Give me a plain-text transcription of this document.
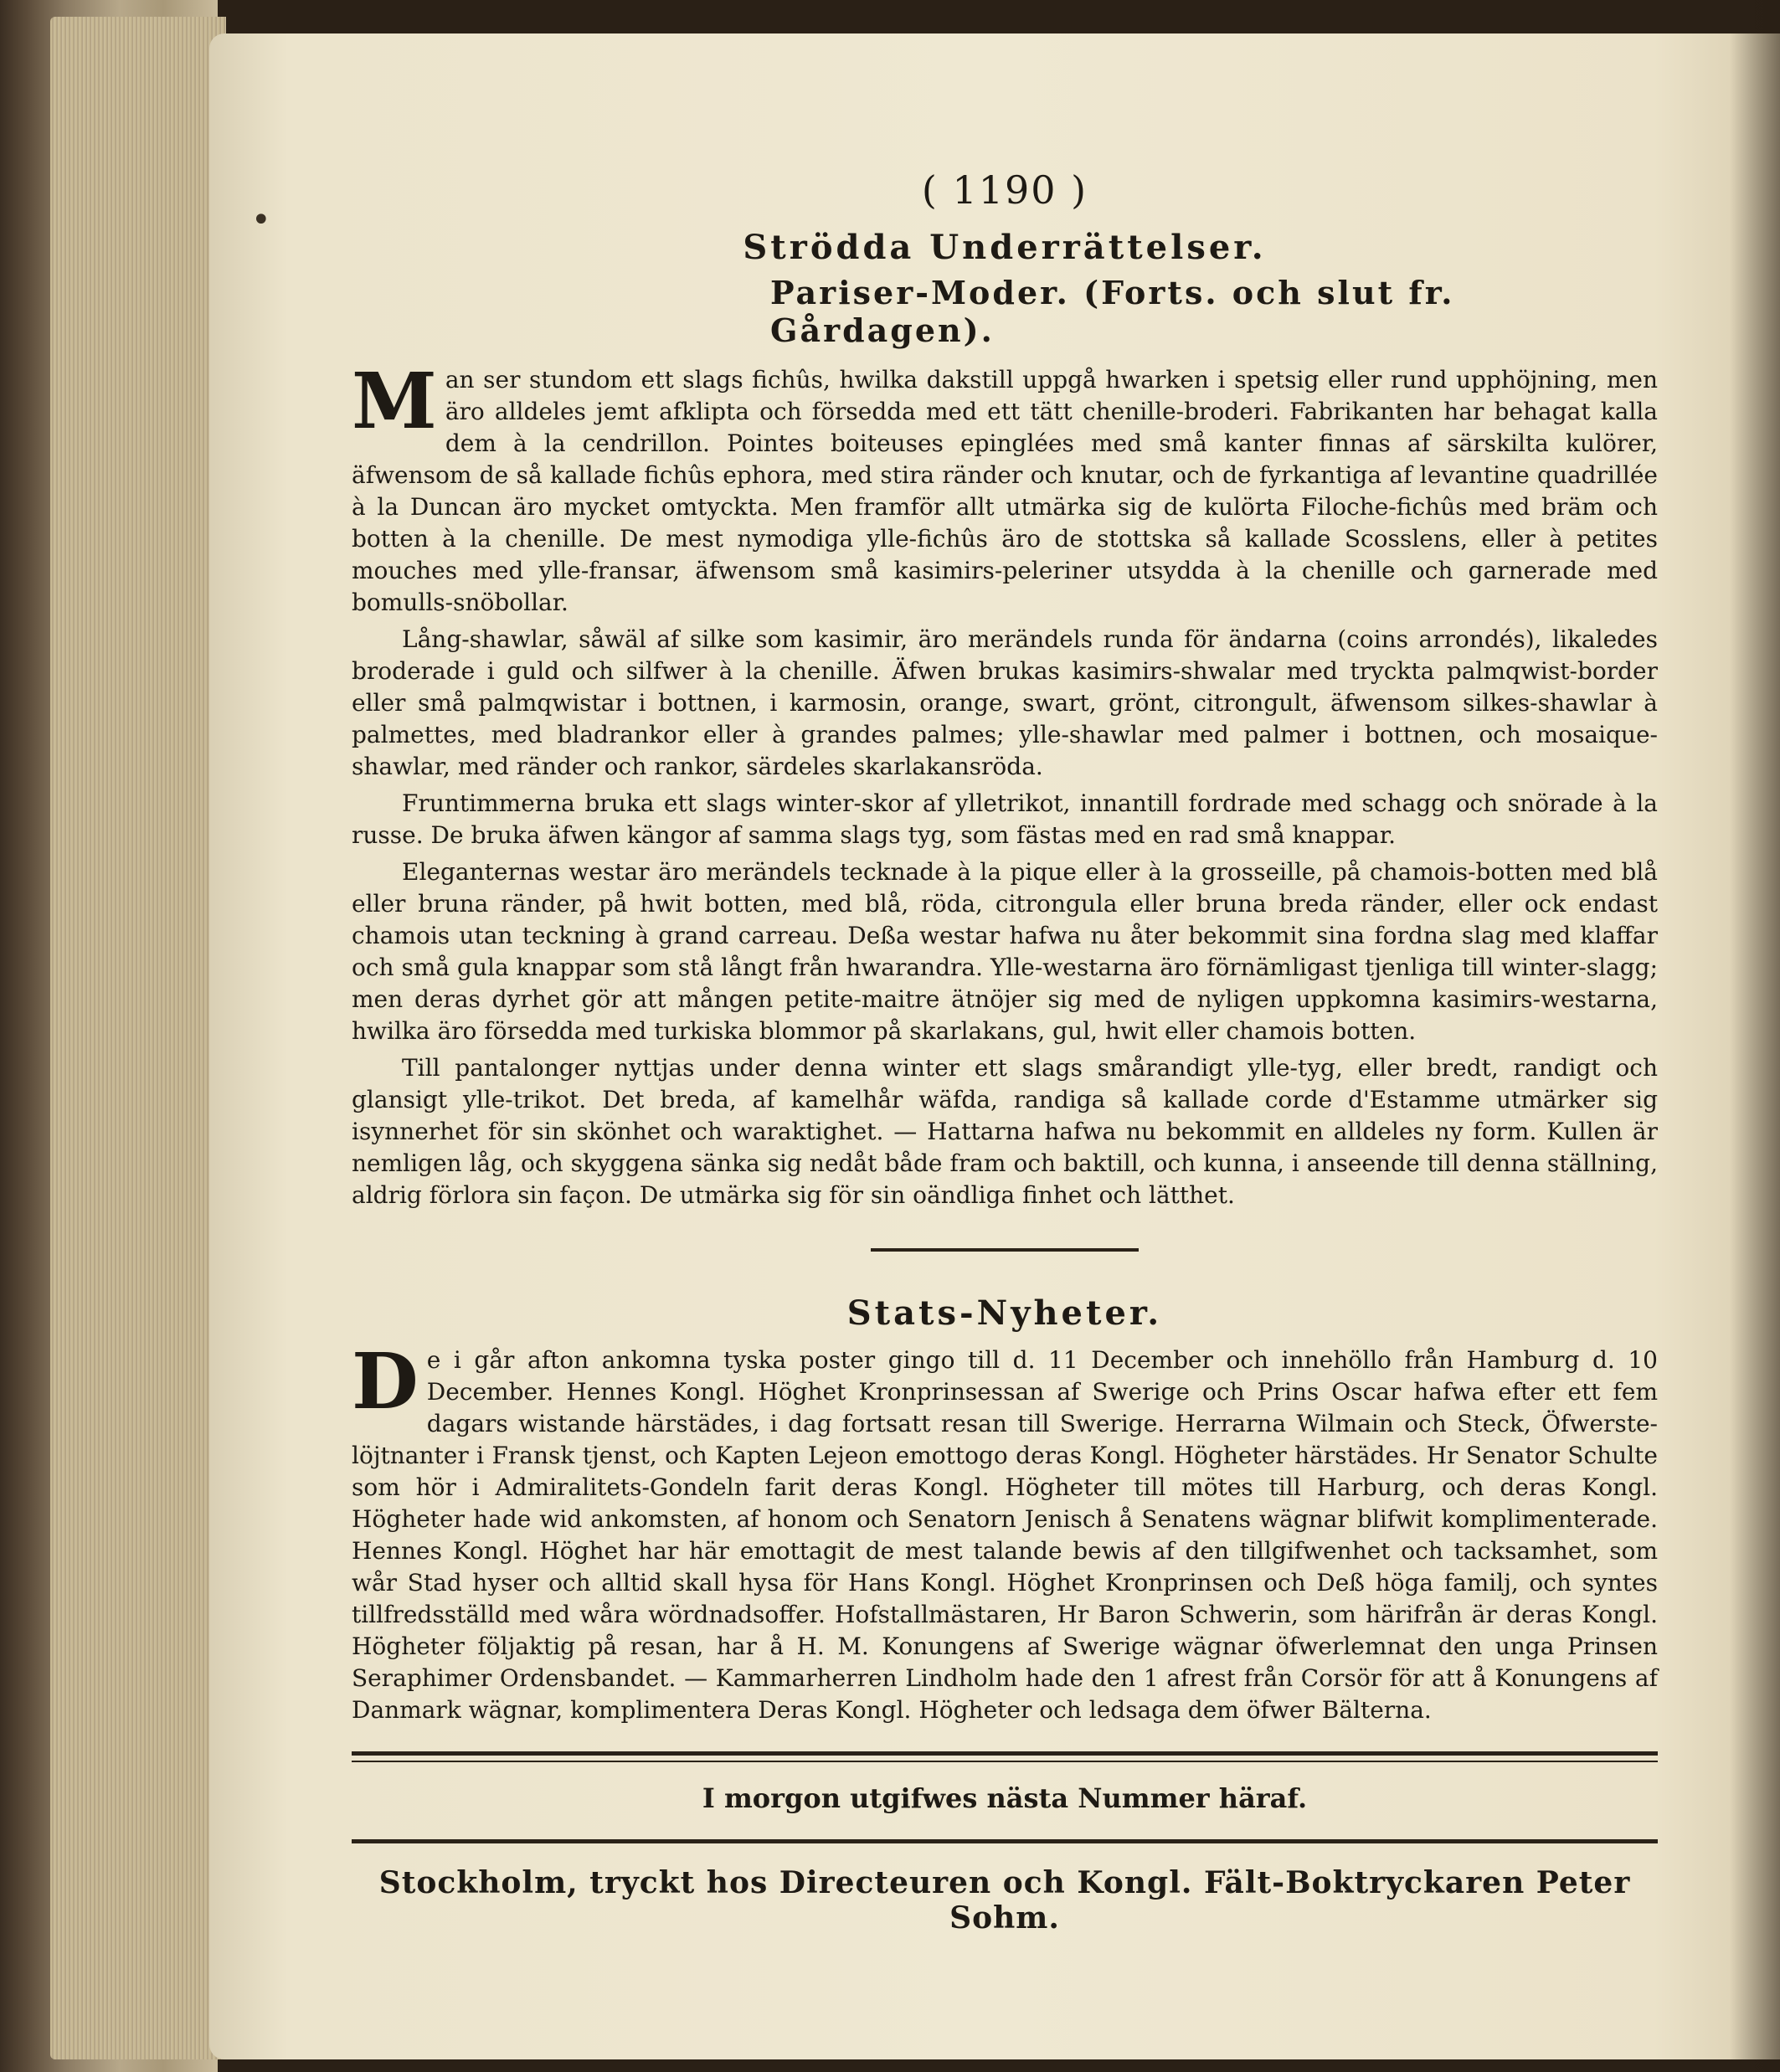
•
( 1190 )
Strödda Underrättelser.
Pariser-Moder. (Forts. och slut fr. Gårdagen).

M an ser stundom ett slags fichûs, hwilka dakstill uppgå hwarken i spetsig eller rund upphöjning, men äro alldeles jemt afklipta och försedda med ett tätt chenille-broderi. Fabrikanten har behagat kalla dem à la cendrillon. Pointes boiteuses epinglées med små kanter finnas af särskilta kulörer, äfwensom de så kallade fichûs ephora, med stira ränder och knutar, och de fyrkantiga af levantine quadrillée à la Duncan äro mycket omtyckta. Men framför allt utmärka sig de kulörta Filoche-fichûs med bräm och botten à la chenille. De mest nymodiga ylle-fichûs äro de stottska så kallade Scosslens, eller à petites mouches med ylle-fransar, äfwensom små kasimirs-peleriner utsydda à la chenille och garnerade med bomulls-snöbollar.

Lång-shawlar, såwäl af silke som kasimir, äro merändels runda för ändarna (coins arrondés), likaledes broderade i guld och silfwer à la chenille. Äfwen brukas kasimirs-shwalar med tryckta palmqwist-border eller små palmqwistar i bottnen, i karmosin, orange, swart, grönt, citrongult, äfwensom silkes-shawlar à palmettes, med bladrankor eller à grandes palmes; ylle-shawlar med palmer i bottnen, och mosaique-shawlar, med ränder och rankor, särdeles skarlakansröda.

Fruntimmerna bruka ett slags winter-skor af ylletrikot, innantill fordrade med schagg och snörade à la russe. De bruka äfwen kängor af samma slags tyg, som fästas med en rad små knappar.

Eleganternas westar äro merändels tecknade à la pique eller à la grosseille, på chamois-botten med blå eller bruna ränder, på hwit botten, med blå, röda, citrongula eller bruna breda ränder, eller ock endast chamois utan teckning à grand carreau. Deßa westar hafwa nu åter bekommit sina fordna slag med klaffar och små gula knappar som stå långt från hwarandra. Ylle-westarna äro förnämligast tjenliga till winter-slagg; men deras dyrhet gör att mången petite-maitre ätnöjer sig med de nyligen uppkomna kasimirs-westarna, hwilka äro försedda med turkiska blommor på skarlakans, gul, hwit eller chamois botten.

Till pantalonger nyttjas under denna winter ett slags smårandigt ylle-tyg, eller bredt, randigt och glansigt ylle-trikot. Det breda, af kamelhår wäfda, randiga så kallade corde d'Estamme utmärker sig isynnerhet för sin skönhet och waraktighet. — Hattarna hafwa nu bekommit en alldeles ny form. Kullen är nemligen låg, och skyggena sänka sig nedåt både fram och baktill, och kunna, i anseende till denna ställning, aldrig förlora sin façon. De utmärka sig för sin oändliga finhet och lätthet.

Stats-Nyheter.

D e i går afton ankomna tyska poster gingo till d. 11 December och innehöllo från Hamburg d. 10 December. Hennes Kongl. Höghet Kronprinsessan af Swerige och Prins Oscar hafwa efter ett fem dagars wistande härstädes, i dag fortsatt resan till Swerige. Herrarna Wilmain och Steck, Öfwerste-löjtnanter i Fransk tjenst, och Kapten Lejeon emottogo deras Kongl. Högheter härstädes. Hr Senator Schulte som hör i Admiralitets-Gondeln farit deras Kongl. Högheter till mötes till Harburg, och deras Kongl. Högheter hade wid ankomsten, af honom och Senatorn Jenisch å Senatens wägnar blifwit komplimenterade. Hennes Kongl. Höghet har här emottagit de mest talande bewis af den tillgifwenhet och tacksamhet, som wår Stad hyser och alltid skall hysa för Hans Kongl. Höghet Kronprinsen och Deß höga familj, och syntes tillfredsställd med wåra wördnadsoffer. Hofstallmästaren, Hr Baron Schwerin, som härifrån är deras Kongl. Högheter följaktig på resan, har å H. M. Konungens af Swerige wägnar öfwerlemnat den unga Prinsen Seraphimer Ordensbandet. — Kammarherren Lindholm hade den 1 afrest från Corsör för att å Konungens af Danmark wägnar, komplimentera Deras Kongl. Högheter och ledsaga dem öfwer Bälterna.

I morgon utgifwes nästa Nummer häraf.
Stockholm, tryckt hos Directeuren och Kongl. Fält-Boktryckaren Peter Sohm.
